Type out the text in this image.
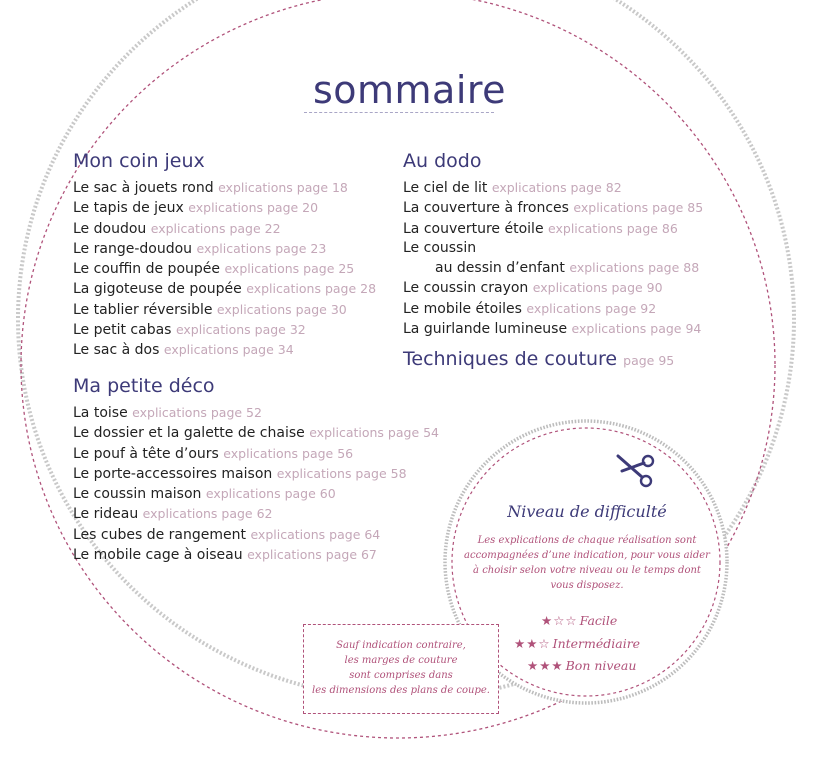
sommaire
Mon coin jeux
Le sac à jouets rond explications page 18
Le tapis de jeux explications page 20
Le doudou explications page 22
Le range-doudou explications page 23
Le couffin de poupée explications page 25
La gigoteuse de poupée explications page 28
Le tablier réversible explications page 30
Le petit cabas explications page 32
Le sac à dos explications page 34
Ma petite déco
La toise explications page 52
Le dossier et la galette de chaise explications page 54
Le pouf à tête d’ours explications page 56
Le porte-accessoires maison explications page 58
Le coussin maison explications page 60
Le rideau explications page 62
Les cubes de rangement explications page 64
Le mobile cage à oiseau explications page 67
Au dodo
Le ciel de lit explications page 82
La couverture à fronces explications page 85
La couverture étoile explications page 86
Le coussin
au dessin d’enfant explications page 88
Le coussin crayon explications page 90
Le mobile étoiles explications page 92
La guirlande lumineuse explications page 94
Techniques de couture page 95
Niveau de difficulté

Les explications de chaque réalisation sont accompagnées d’une indication, pour vous aider à choisir selon votre niveau ou le temps dont vous disposez.

★☆☆ Facile
★★☆ Intermédiaire
★★★ Bon niveau
Sauf indication contraire,
les marges de couture
sont comprises dans
les dimensions des plans de coupe.
